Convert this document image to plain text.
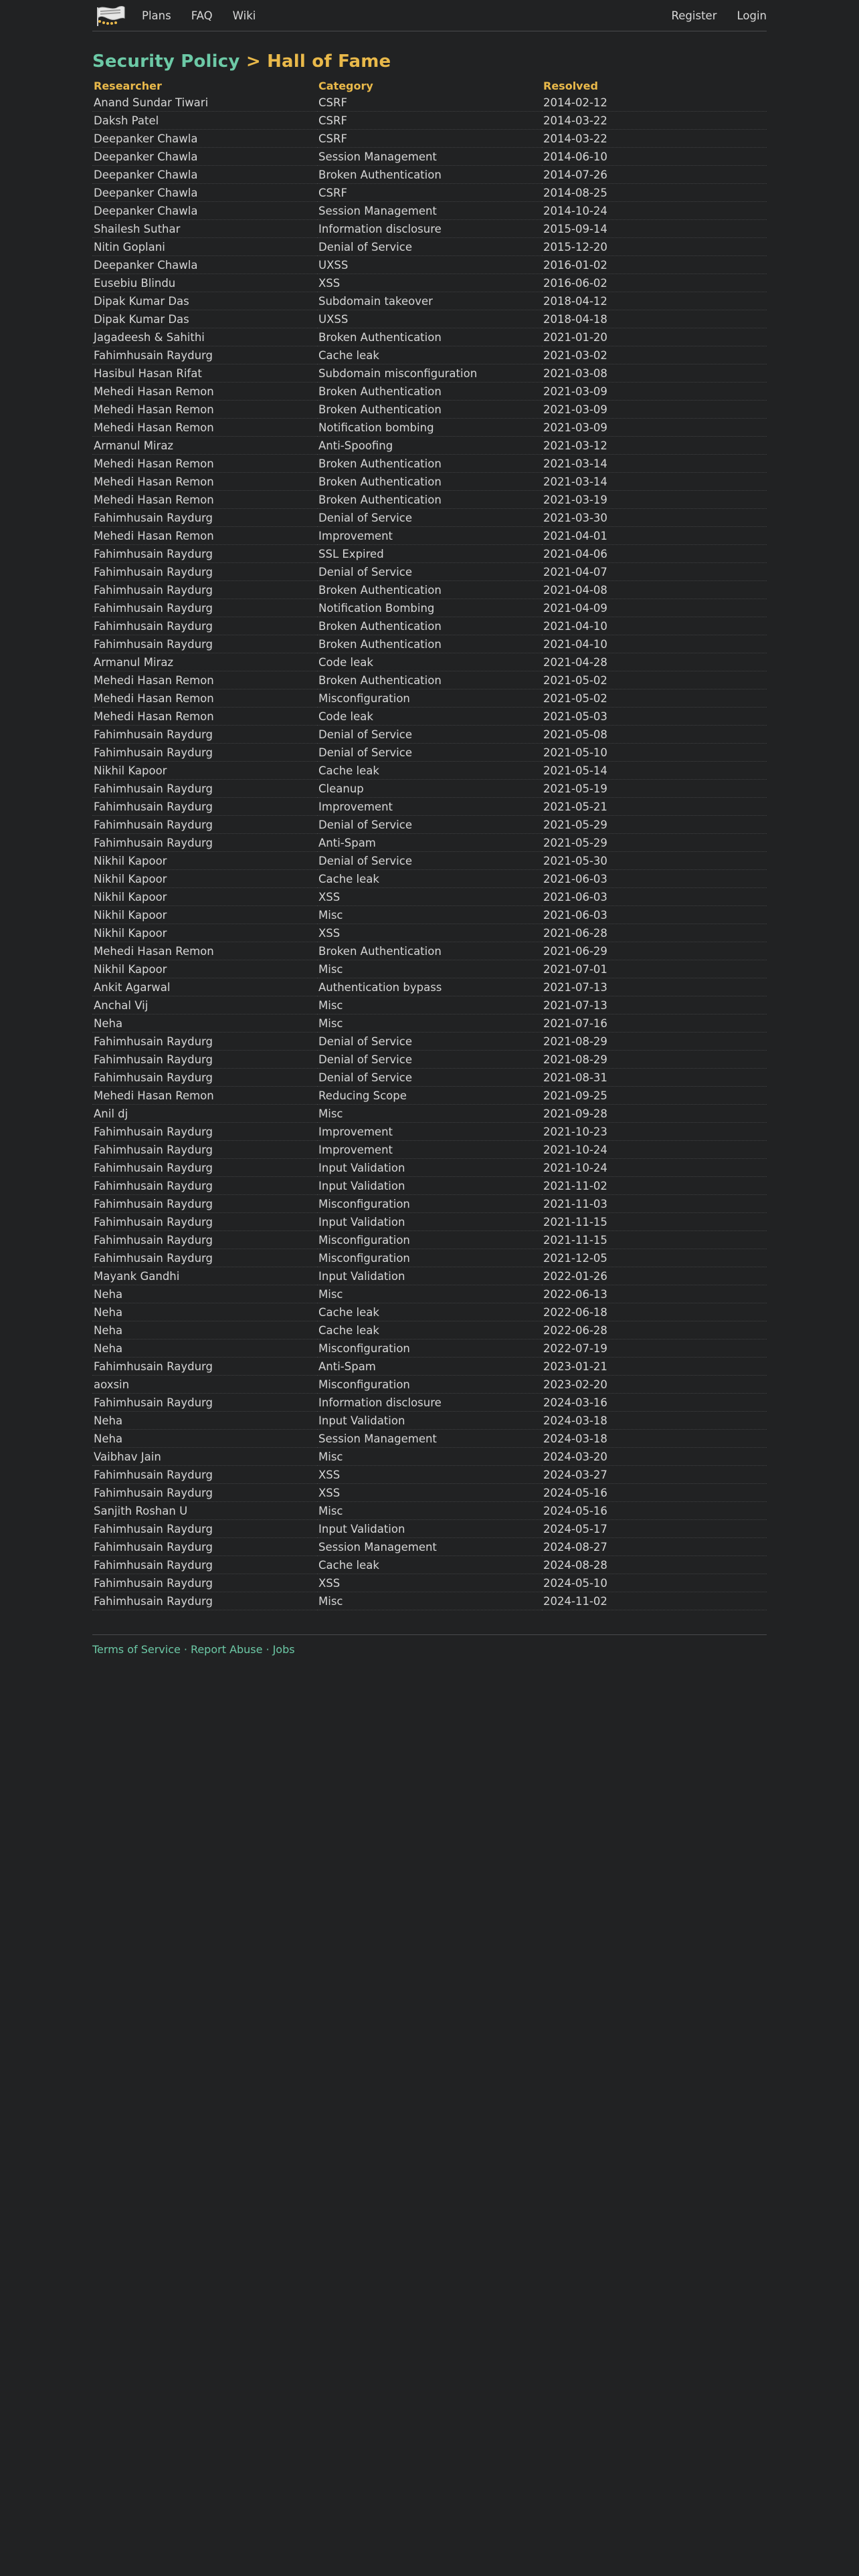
Plans FAQ Wiki	Register Login
Security Policy > Hall of Fame
Researcher	Category	Resolved
Anand Sundar Tiwari	CSRF	2014-02-12
Daksh Patel	CSRF	2014-03-22
Deepanker Chawla	CSRF	2014-03-22
Deepanker Chawla	Session Management	2014-06-10
Deepanker Chawla	Broken Authentication	2014-07-26
Deepanker Chawla	CSRF	2014-08-25
Deepanker Chawla	Session Management	2014-10-24
Shailesh Suthar	Information disclosure	2015-09-14
Nitin Goplani	Denial of Service	2015-12-20
Deepanker Chawla	UXSS	2016-01-02
Eusebiu Blindu	XSS	2016-06-02
Dipak Kumar Das	Subdomain takeover	2018-04-12
Dipak Kumar Das	UXSS	2018-04-18
Jagadeesh & Sahithi	Broken Authentication	2021-01-20
Fahimhusain Raydurg	Cache leak	2021-03-02
Hasibul Hasan Rifat	Subdomain misconfiguration	2021-03-08
Mehedi Hasan Remon	Broken Authentication	2021-03-09
Mehedi Hasan Remon	Broken Authentication	2021-03-09
Mehedi Hasan Remon	Notification bombing	2021-03-09
Armanul Miraz	Anti-Spoofing	2021-03-12
Mehedi Hasan Remon	Broken Authentication	2021-03-14
Mehedi Hasan Remon	Broken Authentication	2021-03-14
Mehedi Hasan Remon	Broken Authentication	2021-03-19
Fahimhusain Raydurg	Denial of Service	2021-03-30
Mehedi Hasan Remon	Improvement	2021-04-01
Fahimhusain Raydurg	SSL Expired	2021-04-06
Fahimhusain Raydurg	Denial of Service	2021-04-07
Fahimhusain Raydurg	Broken Authentication	2021-04-08
Fahimhusain Raydurg	Notification Bombing	2021-04-09
Fahimhusain Raydurg	Broken Authentication	2021-04-10
Fahimhusain Raydurg	Broken Authentication	2021-04-10
Armanul Miraz	Code leak	2021-04-28
Mehedi Hasan Remon	Broken Authentication	2021-05-02
Mehedi Hasan Remon	Misconfiguration	2021-05-02
Mehedi Hasan Remon	Code leak	2021-05-03
Fahimhusain Raydurg	Denial of Service	2021-05-08
Fahimhusain Raydurg	Denial of Service	2021-05-10
Nikhil Kapoor	Cache leak	2021-05-14
Fahimhusain Raydurg	Cleanup	2021-05-19
Fahimhusain Raydurg	Improvement	2021-05-21
Fahimhusain Raydurg	Denial of Service	2021-05-29
Fahimhusain Raydurg	Anti-Spam	2021-05-29
Nikhil Kapoor	Denial of Service	2021-05-30
Nikhil Kapoor	Cache leak	2021-06-03
Nikhil Kapoor	XSS	2021-06-03
Nikhil Kapoor	Misc	2021-06-03
Nikhil Kapoor	XSS	2021-06-28
Mehedi Hasan Remon	Broken Authentication	2021-06-29
Nikhil Kapoor	Misc	2021-07-01
Ankit Agarwal	Authentication bypass	2021-07-13
Anchal Vij	Misc	2021-07-13
Neha	Misc	2021-07-16
Fahimhusain Raydurg	Denial of Service	2021-08-29
Fahimhusain Raydurg	Denial of Service	2021-08-29
Fahimhusain Raydurg	Denial of Service	2021-08-31
Mehedi Hasan Remon	Reducing Scope	2021-09-25
Anil dj	Misc	2021-09-28
Fahimhusain Raydurg	Improvement	2021-10-23
Fahimhusain Raydurg	Improvement	2021-10-24
Fahimhusain Raydurg	Input Validation	2021-10-24
Fahimhusain Raydurg	Input Validation	2021-11-02
Fahimhusain Raydurg	Misconfiguration	2021-11-03
Fahimhusain Raydurg	Input Validation	2021-11-15
Fahimhusain Raydurg	Misconfiguration	2021-11-15
Fahimhusain Raydurg	Misconfiguration	2021-12-05
Mayank Gandhi	Input Validation	2022-01-26
Neha	Misc	2022-06-13
Neha	Cache leak	2022-06-18
Neha	Cache leak	2022-06-28
Neha	Misconfiguration	2022-07-19
Fahimhusain Raydurg	Anti-Spam	2023-01-21
aoxsin	Misconfiguration	2023-02-20
Fahimhusain Raydurg	Information disclosure	2024-03-16
Neha	Input Validation	2024-03-18
Neha	Session Management	2024-03-18
Vaibhav Jain	Misc	2024-03-20
Fahimhusain Raydurg	XSS	2024-03-27
Fahimhusain Raydurg	XSS	2024-05-16
Sanjith Roshan U	Misc	2024-05-16
Fahimhusain Raydurg	Input Validation	2024-05-17
Fahimhusain Raydurg	Session Management	2024-08-27
Fahimhusain Raydurg	Cache leak	2024-08-28
Fahimhusain Raydurg	XSS	2024-05-10
Fahimhusain Raydurg	Misc	2024-11-02
Terms of Service · Report Abuse · Jobs
